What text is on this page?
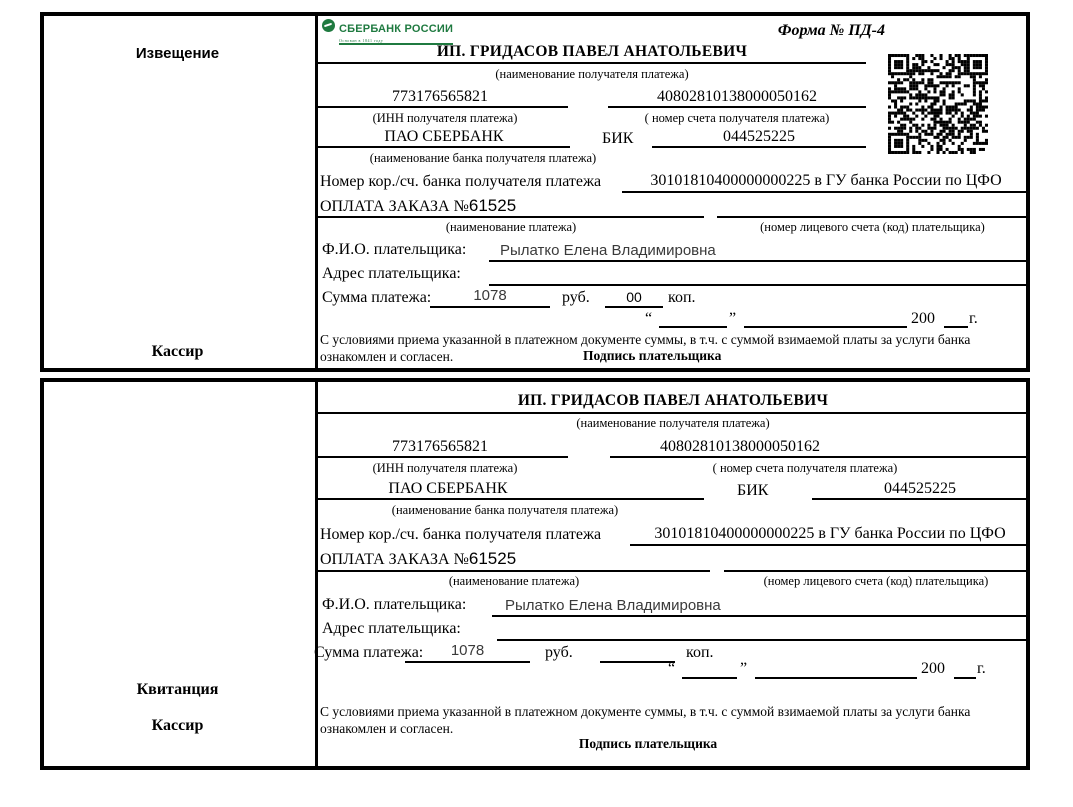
Извещение
Кассир
СБЕРБАНК РОССИИ
Основан в 1841 году
Форма № ПД-4
ИП. ГРИДАСОВ ПАВЕЛ АНАТОЛЬЕВИЧ
(наименование получателя платежа)
773176565821	40802810138000050162
(ИНН получателя платежа)	( номер счета получателя платежа)
ПАО СБЕРБАНК	БИК	044525225
(наименование банка получателя платежа)
Номер кор./сч. банка получателя платежа	30101810400000000225 в ГУ банка России по ЦФО
ОПЛАТА ЗАКАЗА №61525
(наименование платежа)	(номер лицевого счета (код) плательщика)
Ф.И.О. плательщика: Рылатко Елена Владимировна
Адрес плательщика:
Сумма платежа:	1078	руб.	00	коп.
“	”	200 г.
С условиями приема указанной в платежном документе суммы, в т.ч. с суммой взимаемой платы за услуги банка
ознакомлен и согласен.	Подпись плательщика
Квитанция
Кассир
ИП. ГРИДАСОВ ПАВЕЛ АНАТОЛЬЕВИЧ
(наименование получателя платежа)
773176565821	40802810138000050162
(ИНН получателя платежа)	( номер счета получателя платежа)
ПАО СБЕРБАНК	БИК	044525225
(наименование банка получателя платежа)
Номер кор./сч. банка получателя платежа	30101810400000000225 в ГУ банка России по ЦФО
ОПЛАТА ЗАКАЗА №61525
(наименование платежа)	(номер лицевого счета (код) плательщика)
Ф.И.О. плательщика:	Рылатко Елена Владимировна
Адрес плательщика:
Сумма платежа:	1078	руб.	коп.
“	”	200 г.
С условиями приема указанной в платежном документе суммы, в т.ч. с суммой взимаемой платы за услуги банка
ознакомлен и согласен.
Подпись плательщика
